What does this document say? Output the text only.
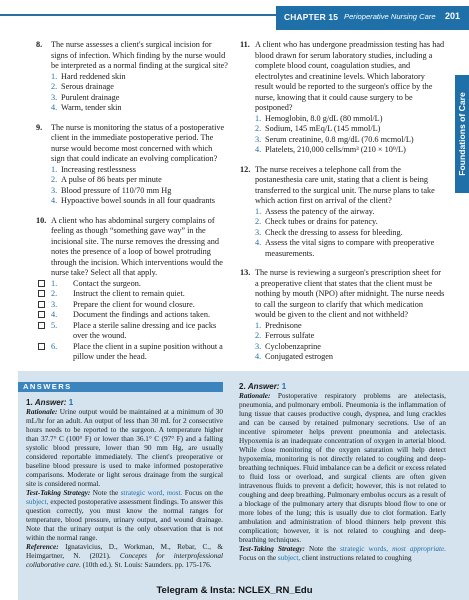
CHAPTER 15 Perioperative Nursing Care 201
Foundations of Care
8. The nurse assesses a client's surgical incision for signs of infection. Which finding by the nurse would be interpreted as a normal finding at the surgical site?

1. Hard reddened skin
2. Serous drainage
3. Purulent drainage
4. Warm, tender skin
9. The nurse is monitoring the status of a postoperative client in the immediate postoperative period. The nurse would become most concerned with which sign that could indicate an evolving complication?

1. Increasing restlessness
2. A pulse of 86 beats per minute
3. Blood pressure of 110/70 mm Hg
4. Hypoactive bowel sounds in all four quadrants
10. A client who has abdominal surgery complains of feeling as though “something gave way” in the incisional site. The nurse removes the dressing and notes the presence of a loop of bowel protruding through the incision. Which interventions would the nurse take? Select all that apply.

1. Contact the surgeon.
2. Instruct the client to remain quiet.
3. Prepare the client for wound closure.
4. Document the findings and actions taken.
5. Place a sterile saline dressing and ice packs over the wound.
6. Place the client in a supine position without a pillow under the head.
11. A client who has undergone preadmission testing has had blood drawn for serum laboratory studies, including a complete blood count, coagulation studies, and electrolytes and creatinine levels. Which laboratory result would be reported to the surgeon's office by the nurse, knowing that it could cause surgery to be postponed?

1. Hemoglobin, 8.0 g/dL (80 mmol/L)
2. Sodium, 145 mEq/L (145 mmol/L)
3. Serum creatinine, 0.8 mg/dL (70.6 mcmol/L)
4. Platelets, 210,000 cells/mm³ (210 × 10⁹/L)
12. The nurse receives a telephone call from the postanesthesia care unit, stating that a client is being transferred to the surgical unit. The nurse plans to take which action first on arrival of the client?

1. Assess the patency of the airway.
2. Check tubes or drains for patency.
3. Check the dressing to assess for bleeding.
4. Assess the vital signs to compare with preoperative measurements.
13. The nurse is reviewing a surgeon's prescription sheet for a preoperative client that states that the client must be nothing by mouth (NPO) after midnight. The nurse needs to call the surgeon to clarify that which medication would be given to the client and not withheld?

1. Prednisone
2. Ferrous sulfate
3. Cyclobenzaprine
4. Conjugated estrogen
ANSWERS
1. Answer: 1

Rationale: Urine output would be maintained at a minimum of 30 mL/hr for an adult. An output of less than 30 mL for 2 consecutive hours needs to be reported to the surgeon. A temperature higher than 37.7° C (100° F) or lower than 36.1° C (97° F) and a falling systolic blood pressure, lower than 90 mm Hg, are usually considered reportable immediately. The client's preoperative or baseline blood pressure is used to make informed postoperative comparisons. Moderate or light serous drainage from the surgical site is considered normal.

Test-Taking Strategy: Note the strategic word, most. Focus on the subject, expected postoperative assessment findings. To answer this question correctly, you must know the normal ranges for temperature, blood pressure, urinary output, and wound drainage. Note that the urinary output is the only observation that is not within the normal range.

Reference: Ignatavicius, D., Workman, M., Rebar, C., & Heimgartner, N. (2021). Concepts for interprofessional collaborative care. (10th ed.). St. Louis: Saunders. pp. 175-176.

2. Answer: 1

Rationale: Postoperative respiratory problems are atelectasis, pneumonia, and pulmonary emboli. Pneumonia is the inflammation of lung tissue that causes productive cough, dyspnea, and lung crackles and can be caused by retained pulmonary secretions. Use of an incentive spirometer helps prevent pneumonia and atelectasis. Hypoxemia is an inadequate concentration of oxygen in arterial blood. While close monitoring of the oxygen saturation will help detect hypoxemia, monitoring is not directly related to coughing and deep-breathing techniques. Fluid imbalance can be a deficit or excess related to fluid loss or overload, and surgical clients are often given intravenous fluids to prevent a deficit; however, this is not related to coughing and deep breathing. Pulmonary embolus occurs as a result of a blockage of the pulmonary artery that disrupts blood flow to one or more lobes of the lung; this is usually due to clot formation. Early ambulation and administration of blood thinners help prevent this complication; however, it is not related to coughing and deep-breathing techniques.

Test-Taking Strategy: Note the strategic words, most appropriate. Focus on the subject, client instructions related to coughing

Telegram & Insta: NCLEX_RN_Edu
